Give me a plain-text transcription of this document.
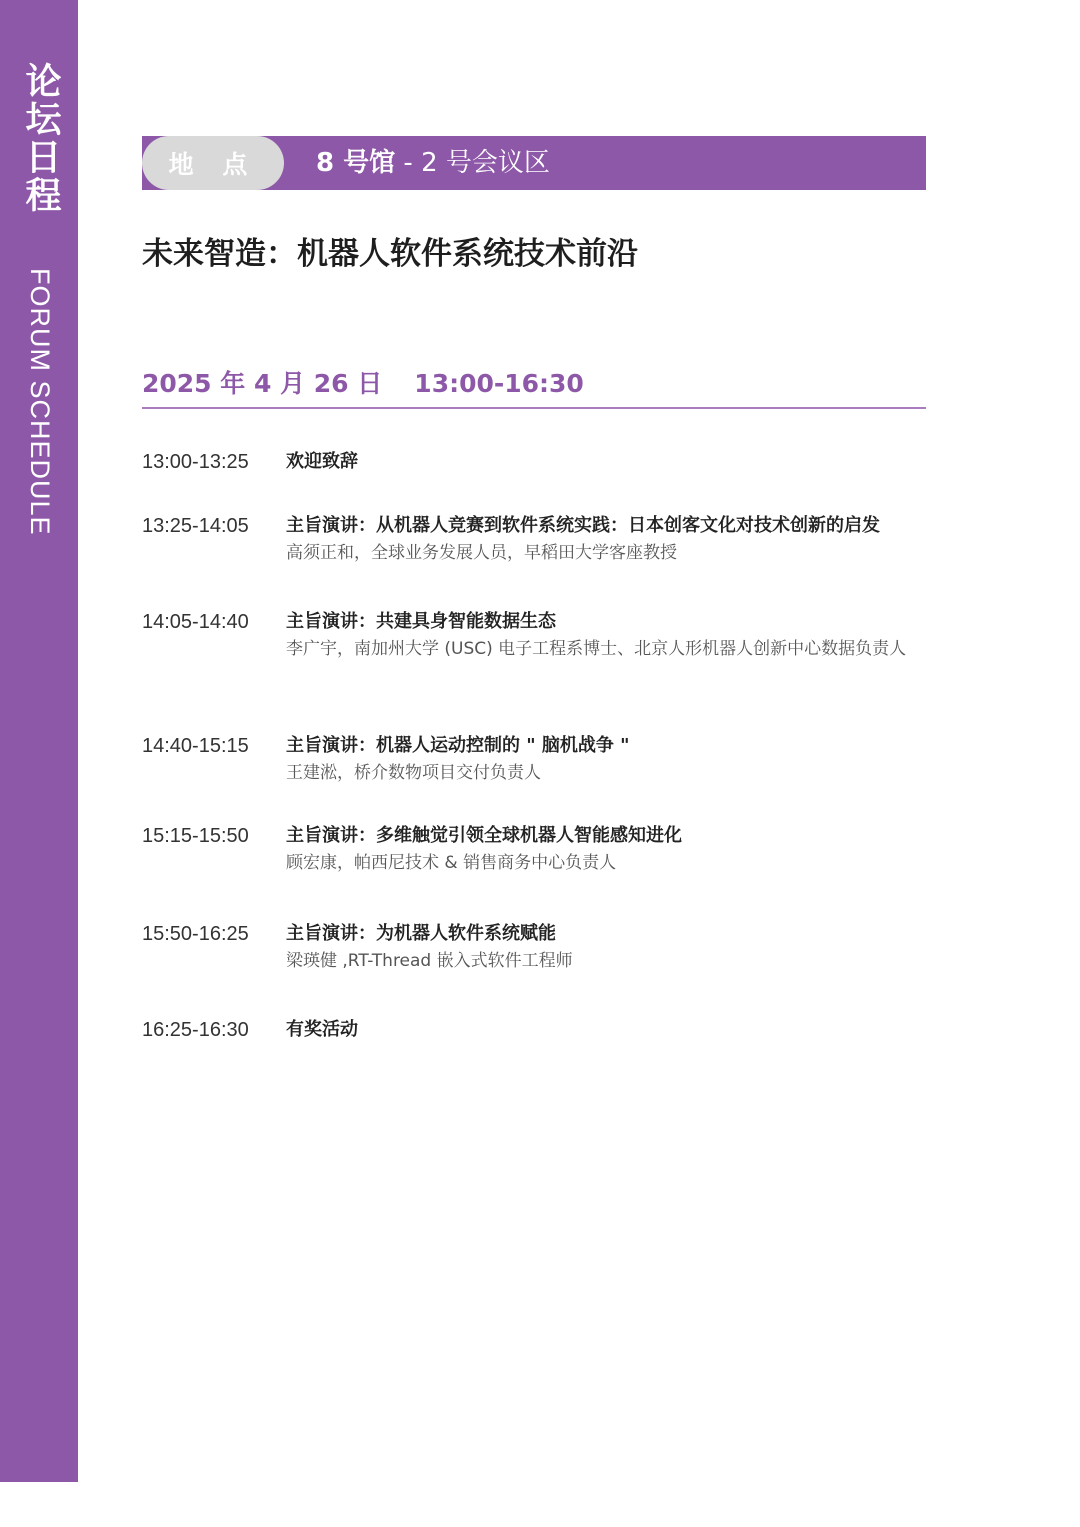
论坛日程
FORUM SCHEDULE
地 点	8 号馆 - 2 号会议区
未来智造：机器人软件系统技术前沿
2025 年 4 月 26 日 13:00-16:30
13:00-13:25	欢迎致辞
13:25-14:05	主旨演讲：从机器人竞赛到软件系统实践：日本创客文化对技术创新的启发
高须正和，全球业务发展人员，早稻田大学客座教授
14:05-14:40	主旨演讲：共建具身智能数据生态
李广宇，南加州大学 (USC) 电子工程系博士、北京人形机器人创新中心数据负责人
14:40-15:15	主旨演讲：机器人运动控制的 " 脑机战争 "
王建淞，桥介数物项目交付负责人
15:15-15:50	主旨演讲：多维触觉引领全球机器人智能感知进化
顾宏康，帕西尼技术 & 销售商务中心负责人
15:50-16:25	主旨演讲：为机器人软件系统赋能
梁瑛健 ,RT-Thread 嵌入式软件工程师
16:25-16:30	有奖活动
